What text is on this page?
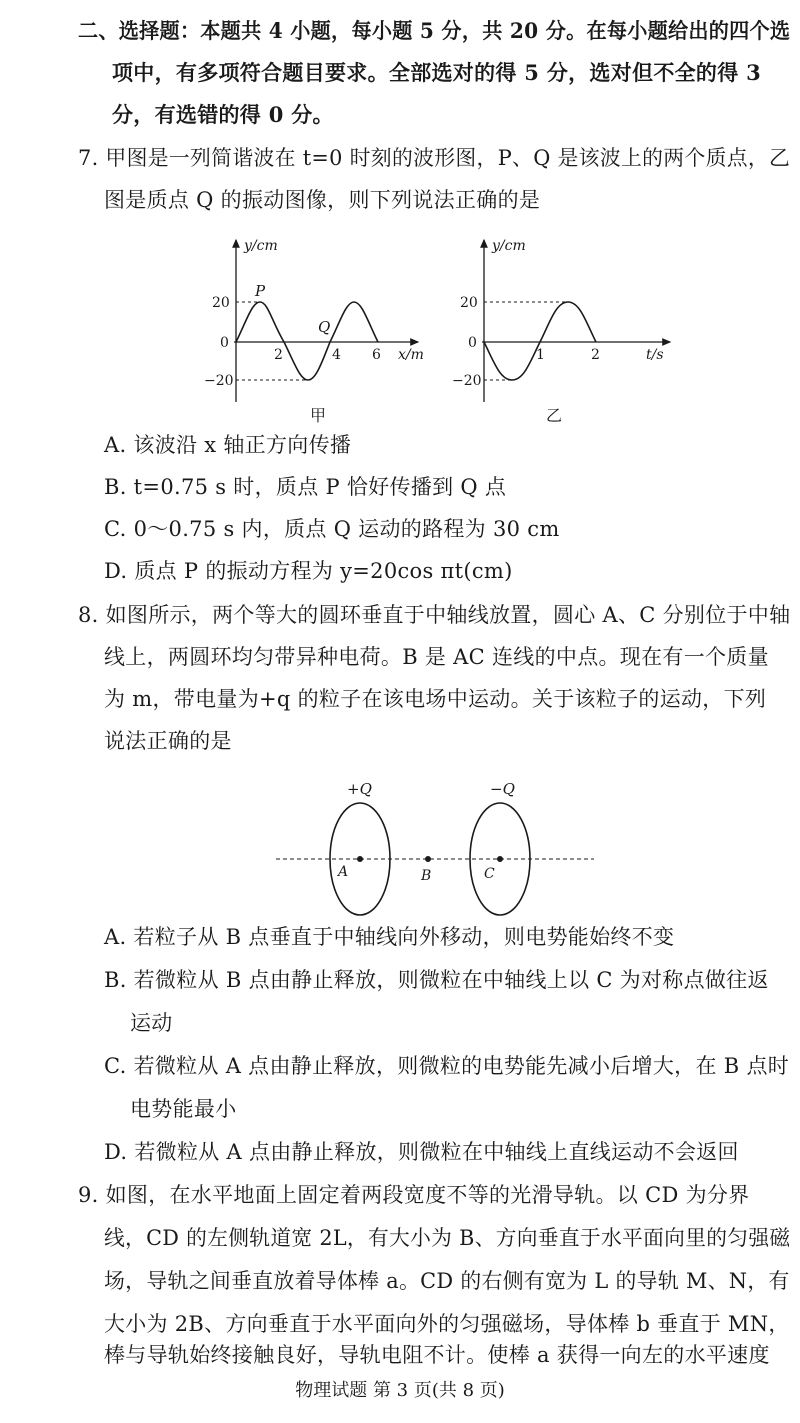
二、选择题：本题共 4 小题，每小题 5 分，共 20 分。在每小题给出的四个选
项中，有多项符合题目要求。全部选对的得 5 分，选对但不全的得 3
分，有选错的得 0 分。
7. 甲图是一列简谐波在 t=0 时刻的波形图，P、Q 是该波上的两个质点，乙
图是质点 Q 的振动图像，则下列说法正确的是
y/cm
P
Q
20
0
−20
2	4 6 x/m
甲
y/cm
20
0
−20
1	2	t/s
乙
A. 该波沿 x 轴正方向传播
B. t=0.75 s 时，质点 P 恰好传播到 Q 点
C. 0～0.75 s 内，质点 Q 运动的路程为 30 cm
D. 质点 P 的振动方程为 y=20cos πt(cm)
8. 如图所示，两个等大的圆环垂直于中轴线放置，圆心 A、C 分别位于中轴
线上，两圆环均匀带异种电荷。B 是 AC 连线的中点。现在有一个质量
为 m，带电量为+q 的粒子在该电场中运动。关于该粒子的运动，下列
说法正确的是
+Q	−Q
A	B	C
A. 若粒子从 B 点垂直于中轴线向外移动，则电势能始终不变
B. 若微粒从 B 点由静止释放，则微粒在中轴线上以 C 为对称点做往返
运动
C. 若微粒从 A 点由静止释放，则微粒的电势能先减小后增大，在 B 点时
电势能最小
D. 若微粒从 A 点由静止释放，则微粒在中轴线上直线运动不会返回
9. 如图，在水平地面上固定着两段宽度不等的光滑导轨。以 CD 为分界
线，CD 的左侧轨道宽 2L，有大小为 B、方向垂直于水平面向里的匀强磁
场，导轨之间垂直放着导体棒 a。CD 的右侧有宽为 L 的导轨 M、N，有
大小为 2B、方向垂直于水平面向外的匀强磁场，导体棒 b 垂直于 MN，
棒与导轨始终接触良好，导轨电阻不计。使棒 a 获得一向左的水平速度
物理试题 第 3 页(共 8 页)
